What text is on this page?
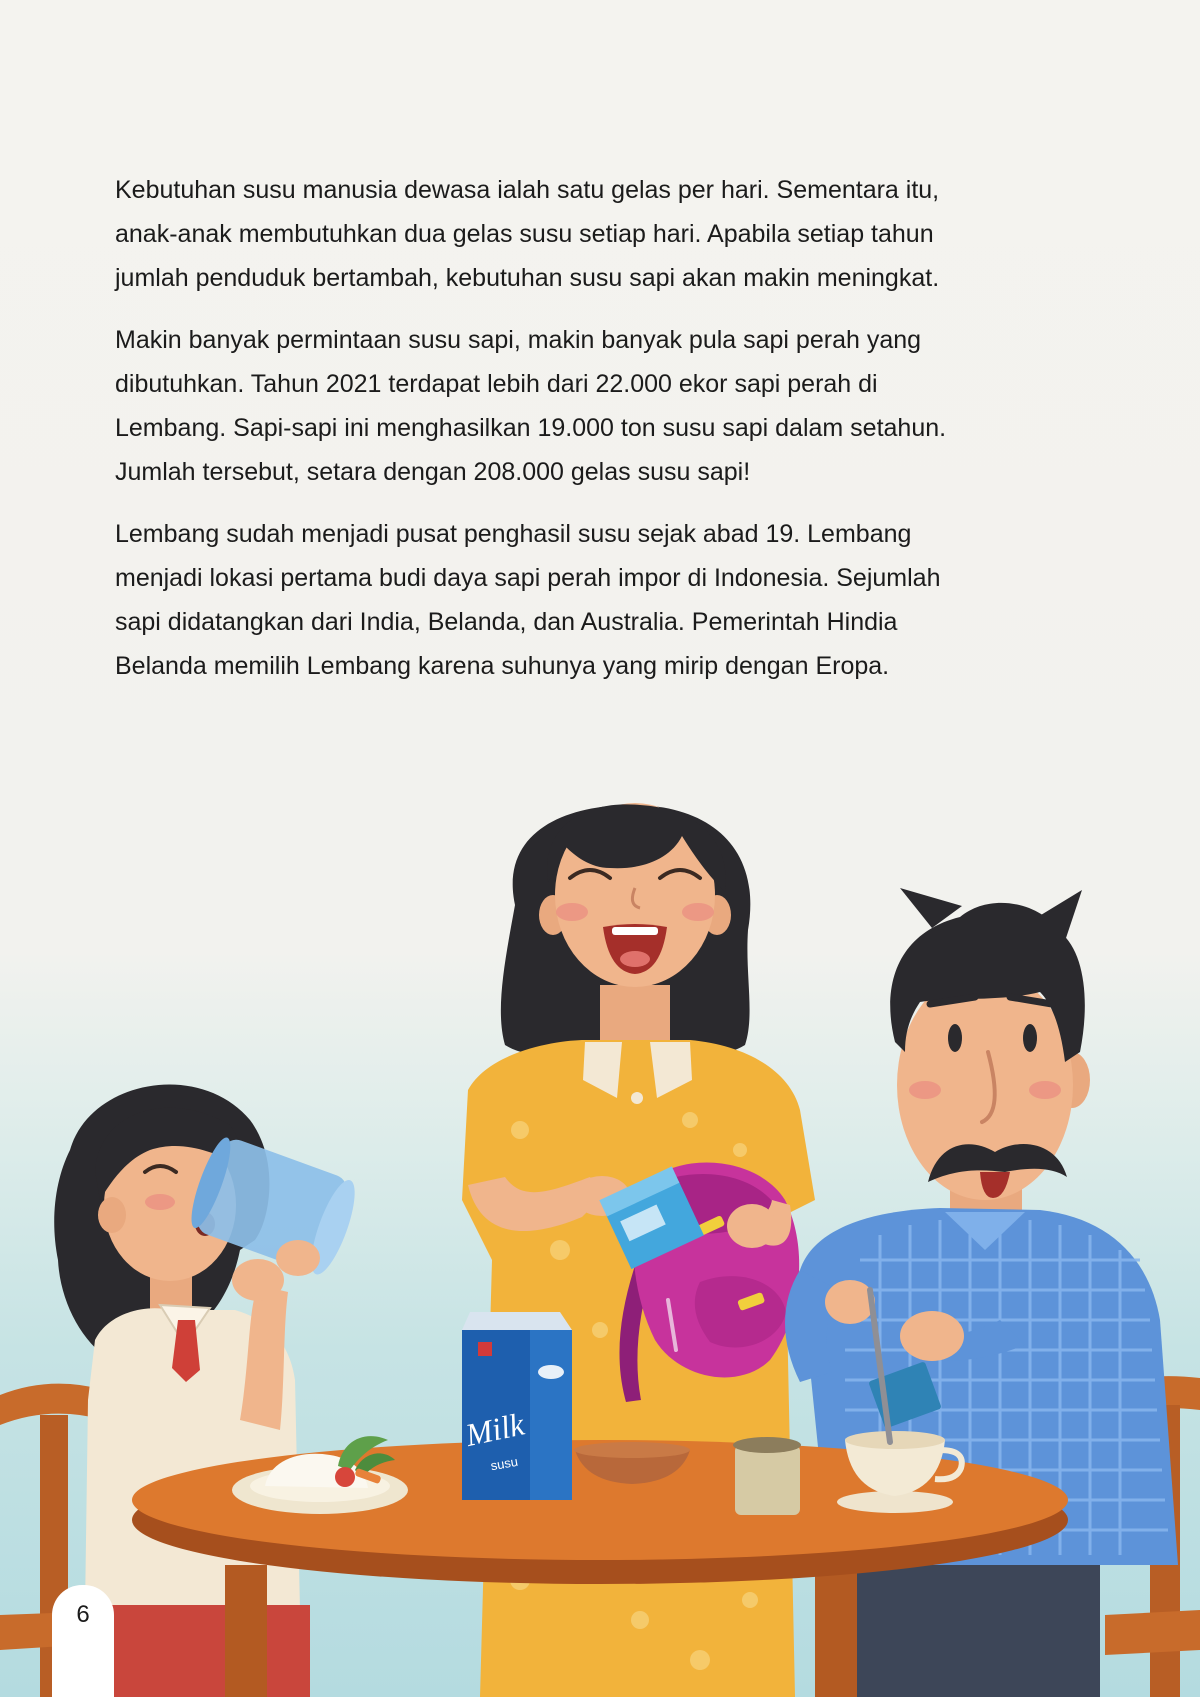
Milk
susu

Kebutuhan susu manusia dewasa ialah satu gelas per hari. Sementara itu,
anak-anak membutuhkan dua gelas susu setiap hari. Apabila setiap tahun
jumlah penduduk bertambah, kebutuhan susu sapi akan makin meningkat.

Makin banyak permintaan susu sapi, makin banyak pula sapi perah yang
dibutuhkan. Tahun 2021 terdapat lebih dari 22.000 ekor sapi perah di
Lembang. Sapi-sapi ini menghasilkan 19.000 ton susu sapi dalam setahun.
Jumlah tersebut, setara dengan 208.000 gelas susu sapi!

Lembang sudah menjadi pusat penghasil susu sejak abad 19. Lembang
menjadi lokasi pertama budi daya sapi perah impor di Indonesia. Sejumlah
sapi didatangkan dari India, Belanda, dan Australia. Pemerintah Hindia
Belanda memilih Lembang karena suhunya yang mirip dengan Eropa.

6
